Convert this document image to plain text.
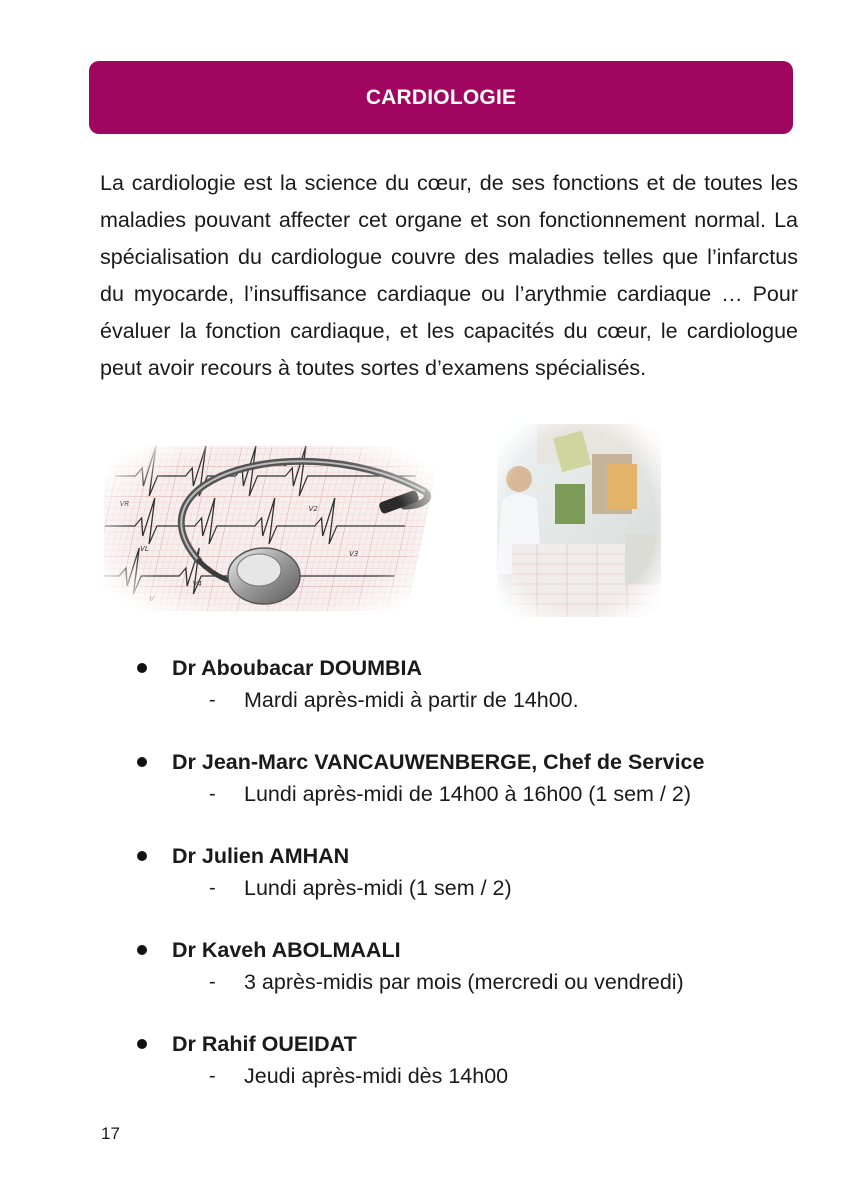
CARDIOLOGIE

La cardiologie est la science du cœur, de ses fonctions et de toutes les maladies pouvant affecter cet organe et son fonctionnement normal. La spécialisation du cardiologue couvre des maladies telles que l’infarctus du myocarde, l’insuffisance cardiaque ou l’arythmie cardiaque … Pour évaluer la fonction cardiaque, et les capacités du cœur, le cardiologue peut avoir recours à toutes sortes d’examens spécialisés.

Dr Aboubacar DOUMBIA
- Mardi après-midi à partir de 14h00.
Dr Jean-Marc VANCAUWENBERGE, Chef de Service
- Lundi après-midi de 14h00 à 16h00 (1 sem / 2)
Dr Julien AMHAN
- Lundi après-midi (1 sem / 2)
Dr Kaveh ABOLMAALI
- 3 après-midis par mois (mercredi ou vendredi)
Dr Rahif OUEIDAT
- Jeudi après-midi dès 14h00
17
